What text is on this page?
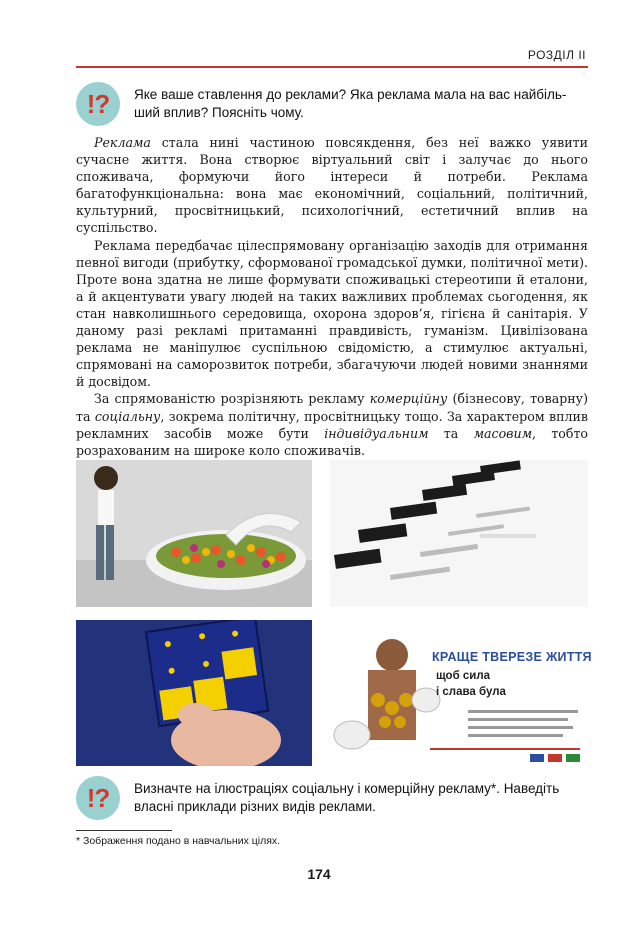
РОЗДІЛ II
!? Яке ваше ставлення до реклами? Яка реклама мала на вас найбіль- ший вплив? Поясніть чому.

Реклама стала нині частиною повсякдення, без неї важко уявити сучасне життя. Вона створює віртуальний світ і залучає до нього споживача, формуючи його інтереси й потреби. Реклама багатофункціональна: вона має економічний, соціальний, політичний, культурний, просвітницький, психологічний, естетичний вплив на суспільство.

Реклама передбачає цілеспрямовану організацію заходів для отримання певної вигоди (прибутку, сформованої громадської думки, політичної мети). Проте вона здатна не лише формувати споживацькі стереотипи й еталони, а й акцентувати увагу людей на таких важливих проблемах сьогодення, як стан навколишнього середовища, охорона здоров’я, гігієна й санітарія. У даному разі рекламі притаманні правдивість, гуманізм. Цивілізована реклама не маніпулює суспільною свідомістю, а стимулює актуальні, спрямовані на саморозвиток потреби, збагачуючи людей новими знаннями й досвідом.

За спрямованістю розрізняють рекламу комерційну (бізнесову, товарну) та соціальну, зокрема політичну, просвітницьку тощо. За характером вплив рекламних засобів може бути індивідуальним та масовим, тобто розрахованим на широке коло споживачів.

КРАЩЕ ТВЕРЕЗЕ ЖИТТЯ
щоб сила
і слава була
!? Визначте на ілюстраціях соціальну і комерційну рекламу*. Наведіть власні приклади різних видів реклами.
* Зображення подано в навчальних цілях.
174
